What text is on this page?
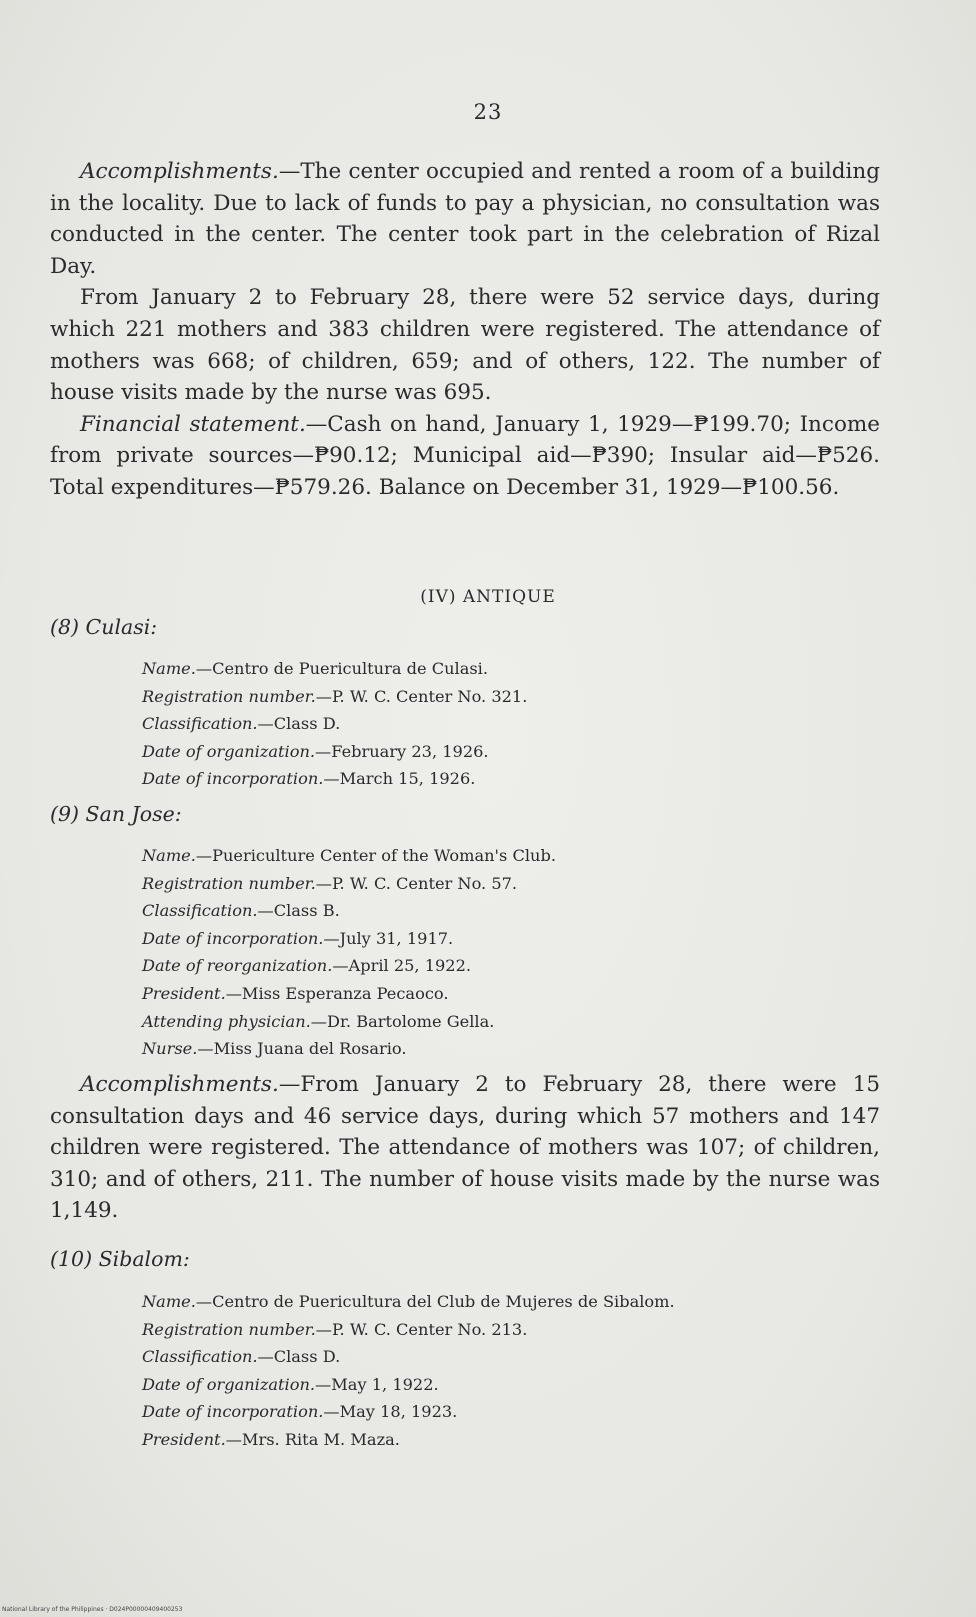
23

Accomplishments.—The center occupied and rented a room of a building in the locality. Due to lack of funds to pay a physician, no consultation was conducted in the center. The center took part in the celebration of Rizal Day.

From January 2 to February 28, there were 52 service days, during which 221 mothers and 383 children were registered. The attendance of mothers was 668; of children, 659; and of others, 122. The number of house visits made by the nurse was 695.

Financial statement.—Cash on hand, January 1, 1929—₱199.70; Income from private sources—₱90.12; Municipal aid—₱390; Insular aid—₱526. Total expenditures—₱579.26. Balance on December 31, 1929—₱100.56.

(IV) ANTIQUE
(8) Culasi:
Name.—Centro de Puericultura de Culasi.
Registration number.—P. W. C. Center No. 321.
Classification.—Class D.
Date of organization.—February 23, 1926.
Date of incorporation.—March 15, 1926.
(9) San Jose:
Name.—Puericulture Center of the Woman's Club.
Registration number.—P. W. C. Center No. 57.
Classification.—Class B.
Date of incorporation.—July 31, 1917.
Date of reorganization.—April 25, 1922.
President.—Miss Esperanza Pecaoco.
Attending physician.—Dr. Bartolome Gella.
Nurse.—Miss Juana del Rosario.

Accomplishments.—From January 2 to February 28, there were 15 consultation days and 46 service days, during which 57 mothers and 147 children were registered. The attendance of mothers was 107; of children, 310; and of others, 211. The number of house visits made by the nurse was 1,149.

(10) Sibalom:
Name.—Centro de Puericultura del Club de Mujeres de Sibalom.
Registration number.—P. W. C. Center No. 213.
Classification.—Class D.
Date of organization.—May 1, 1922.
Date of incorporation.—May 18, 1923.
President.—Mrs. Rita M. Maza.
National Library of the Philippines · D024P00000409400253
